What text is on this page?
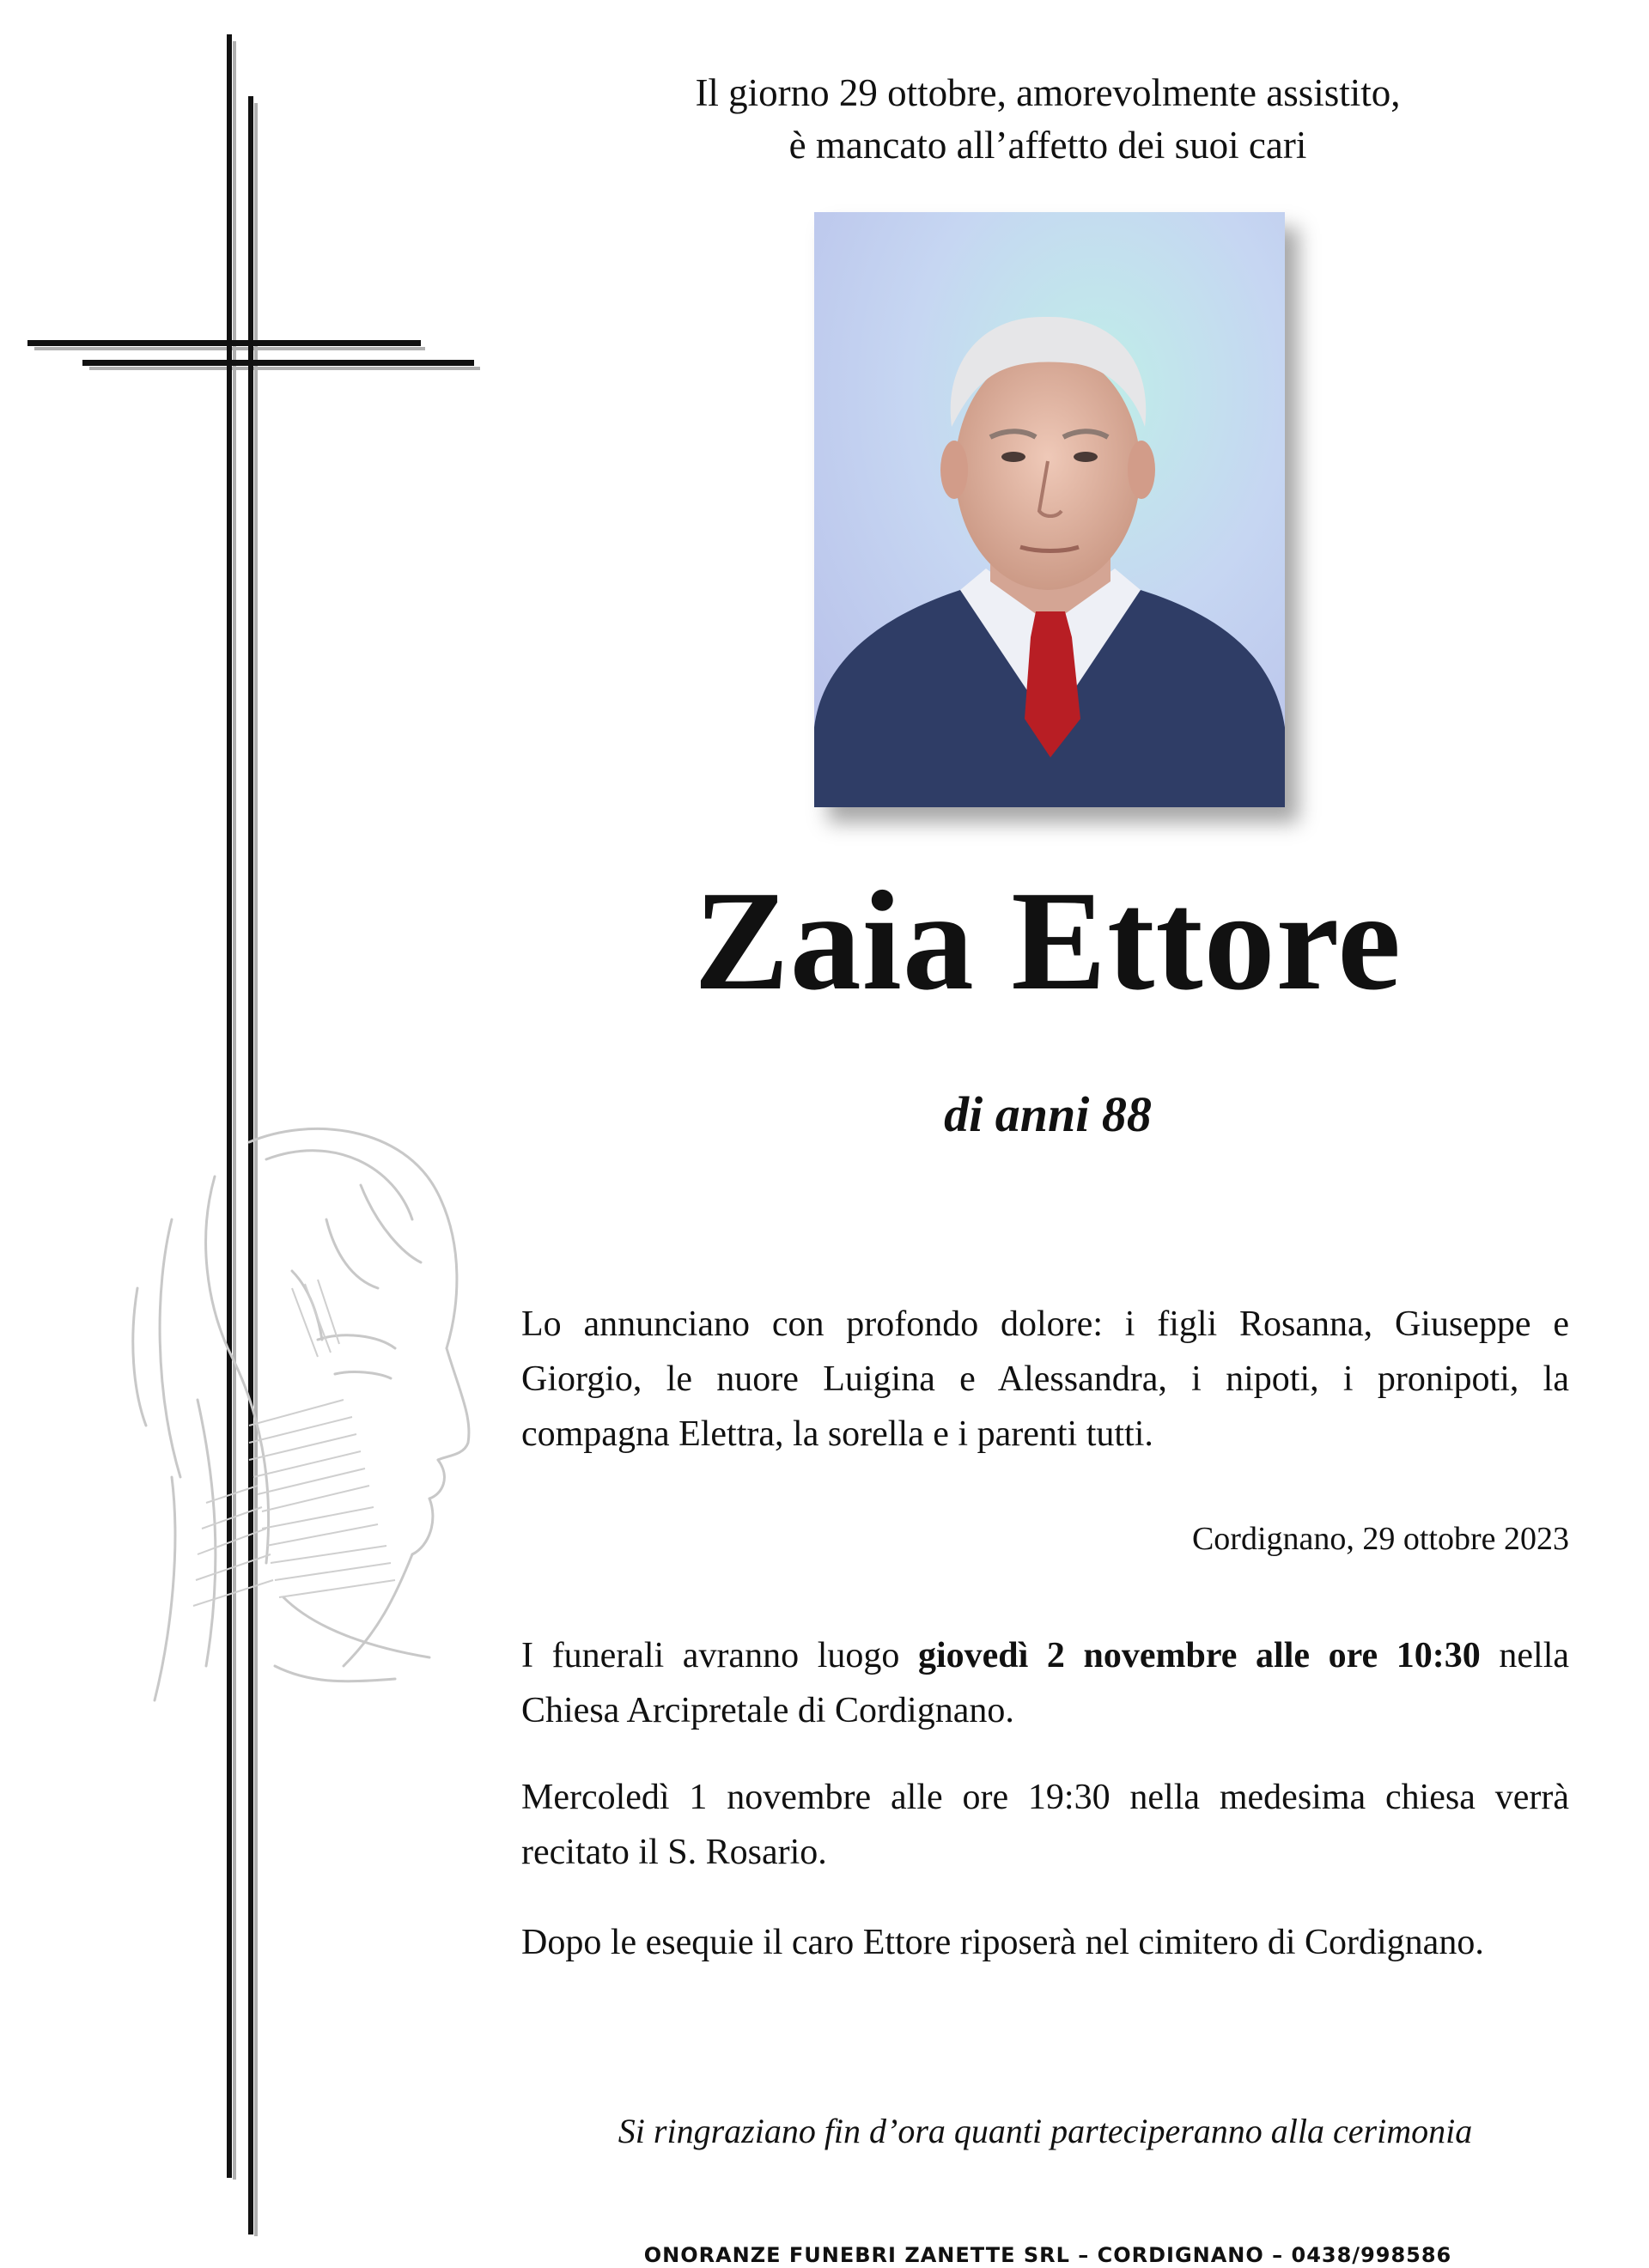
Il giorno 29 ottobre, amorevolmente assistito,
è mancato all’affetto dei suoi cari
Zaia Ettore
di anni 88
Lo annunciano con profondo dolore: i figli Rosanna, Giuseppe e Giorgio, le nuore Luigina e Alessandra, i nipoti, i pronipoti, la compagna Elettra, la sorella e i parenti tutti.
Cordignano, 29 ottobre 2023
I funerali avranno luogo giovedì 2 novembre alle ore 10:30 nella Chiesa Arcipretale di Cordignano.
Mercoledì 1 novembre alle ore 19:30 nella medesima chiesa verrà recitato il S. Rosario.
Dopo le esequie il caro Ettore riposerà nel cimitero di Cordignano.
Si ringraziano fin d’ora quanti parteciperanno alla cerimonia
ONORANZE FUNEBRI ZANETTE SRL – CORDIGNANO – 0438/998586
